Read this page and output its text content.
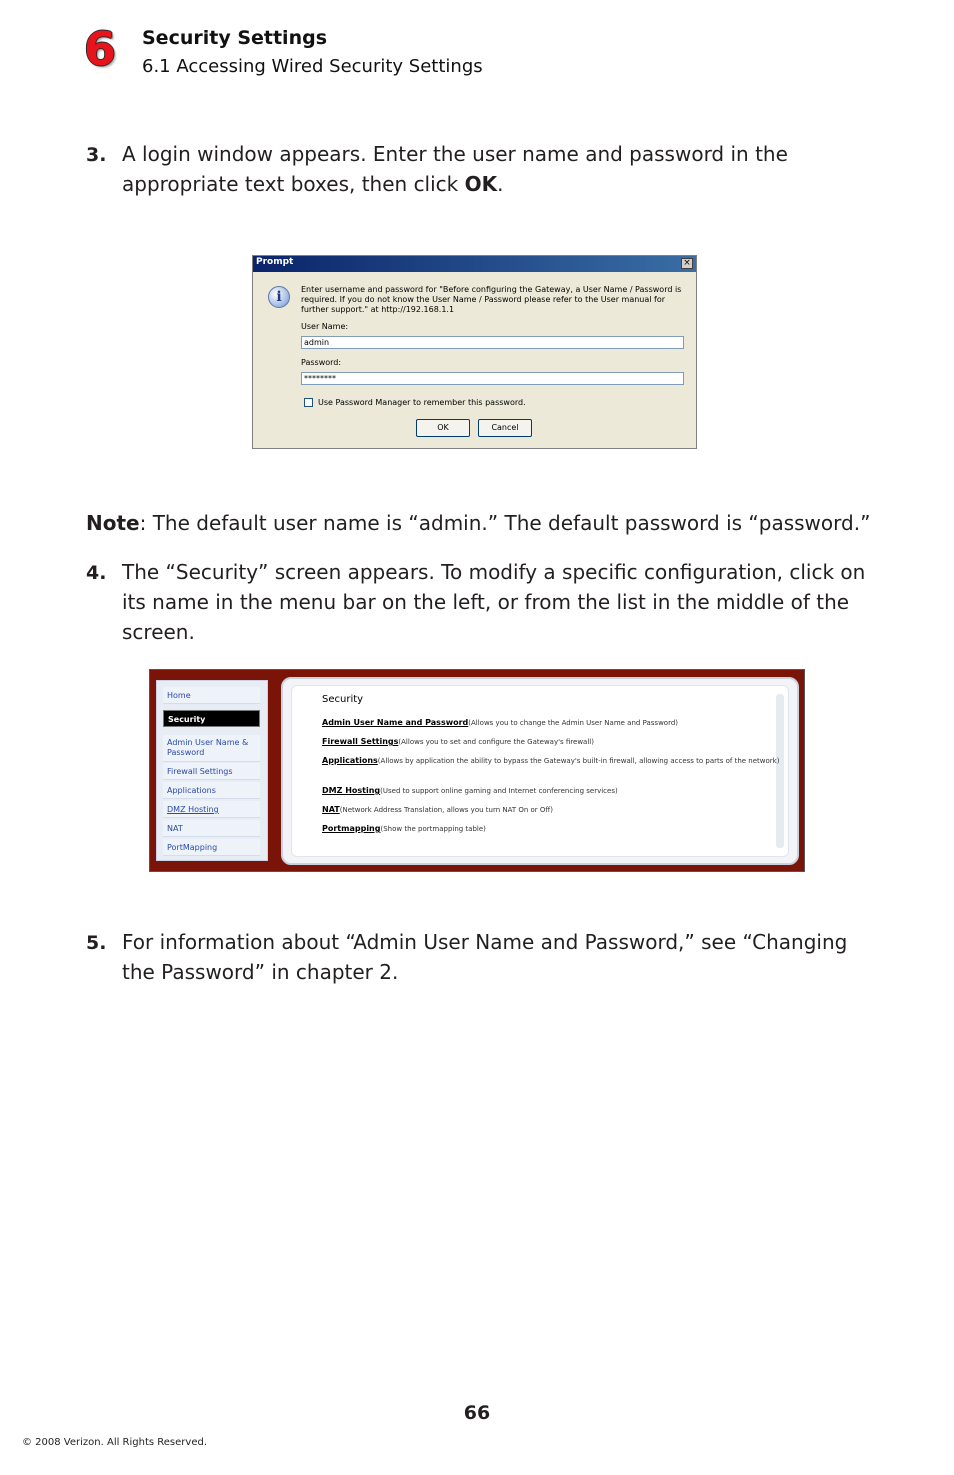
6 Security Settings
6.1 Accessing Wired Security Settings
3. A login window appears. Enter the user name and password in the appropriate text boxes, then click OK.
Prompt	×
i	Enter username and password for "Before configuring the Gateway, a User Name / Password is required. If you do not know the User Name / Password please refer to the User manual for further support." at http://192.168.1.1
User Name:
admin
Password:
********
Use Password Manager to remember this password.
OK	Cancel
Note: The default user name is “admin.” The default password is “password.”
4. The “Security” screen appears. To modify a specific configuration, click on its name in the menu bar on the left, or from the list in the middle of the screen.
Home
Security
Admin User Name & Password
Firewall Settings
Applications
DMZ Hosting
NAT
PortMapping
Security
Admin User Name and Password(Allows you to change the Admin User Name and Password)
Firewall Settings(Allows you to set and configure the Gateway's firewall)
Applications(Allows by application the ability to bypass the Gateway's built-in firewall, allowing access to parts of the network)
DMZ Hosting(Used to support online gaming and Internet conferencing services)
NAT(Network Address Translation, allows you turn NAT On or Off)
Portmapping(Show the portmapping table)
5. For information about “Admin User Name and Password,” see “Changing the Password” in chapter 2.
66
© 2008 Verizon. All Rights Reserved.
